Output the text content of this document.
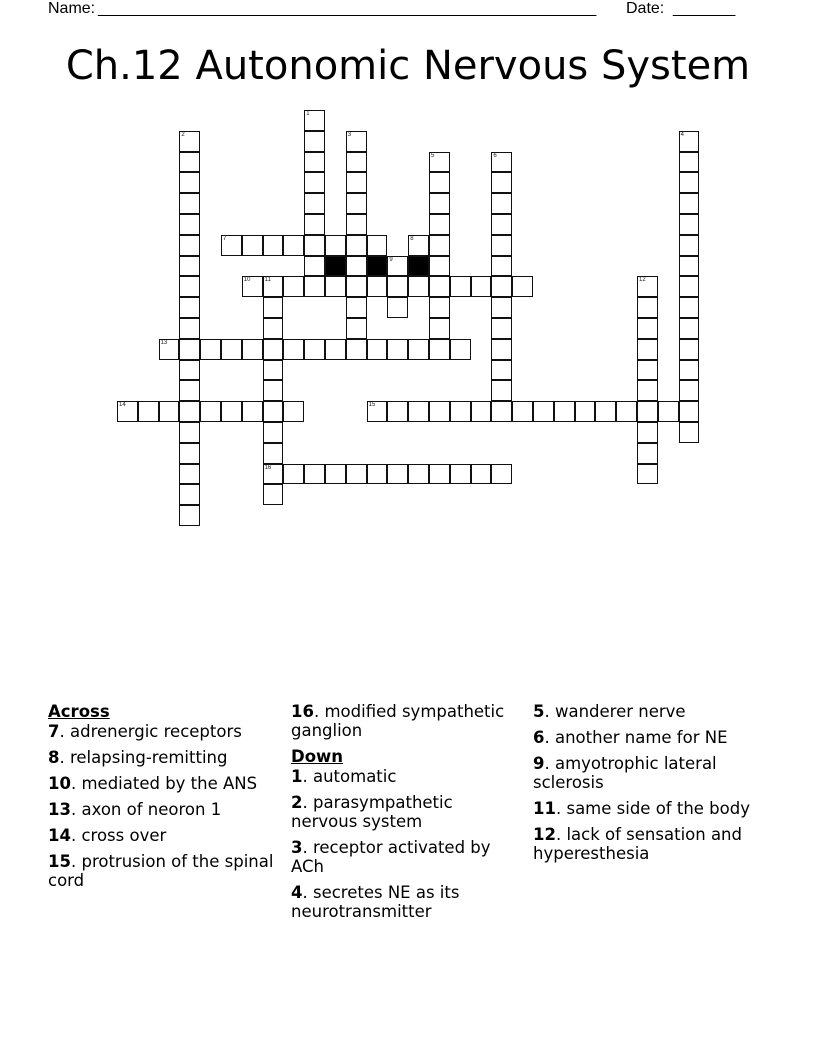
Name: ________________________________________________________ Date: _______
Ch.12 Autonomic Nervous System
1
2	3	4
5	6
7	8
9
10 11
16
12
13
14	15
Across
7. adrenergic receptors
8. relapsing-remitting
10. mediated by the ANS
13. axon of neoron 1
14. cross over
15. protrusion of the spinal cord
16. modified sympathetic ganglion
Down
1. automatic
2. parasympathetic nervous system
3. receptor activated by ACh
4. secretes NE as its neurotransmitter
5. wanderer nerve
6. another name for NE
9. amyotrophic lateral sclerosis
11. same side of the body
12. lack of sensation and hyperesthesia
